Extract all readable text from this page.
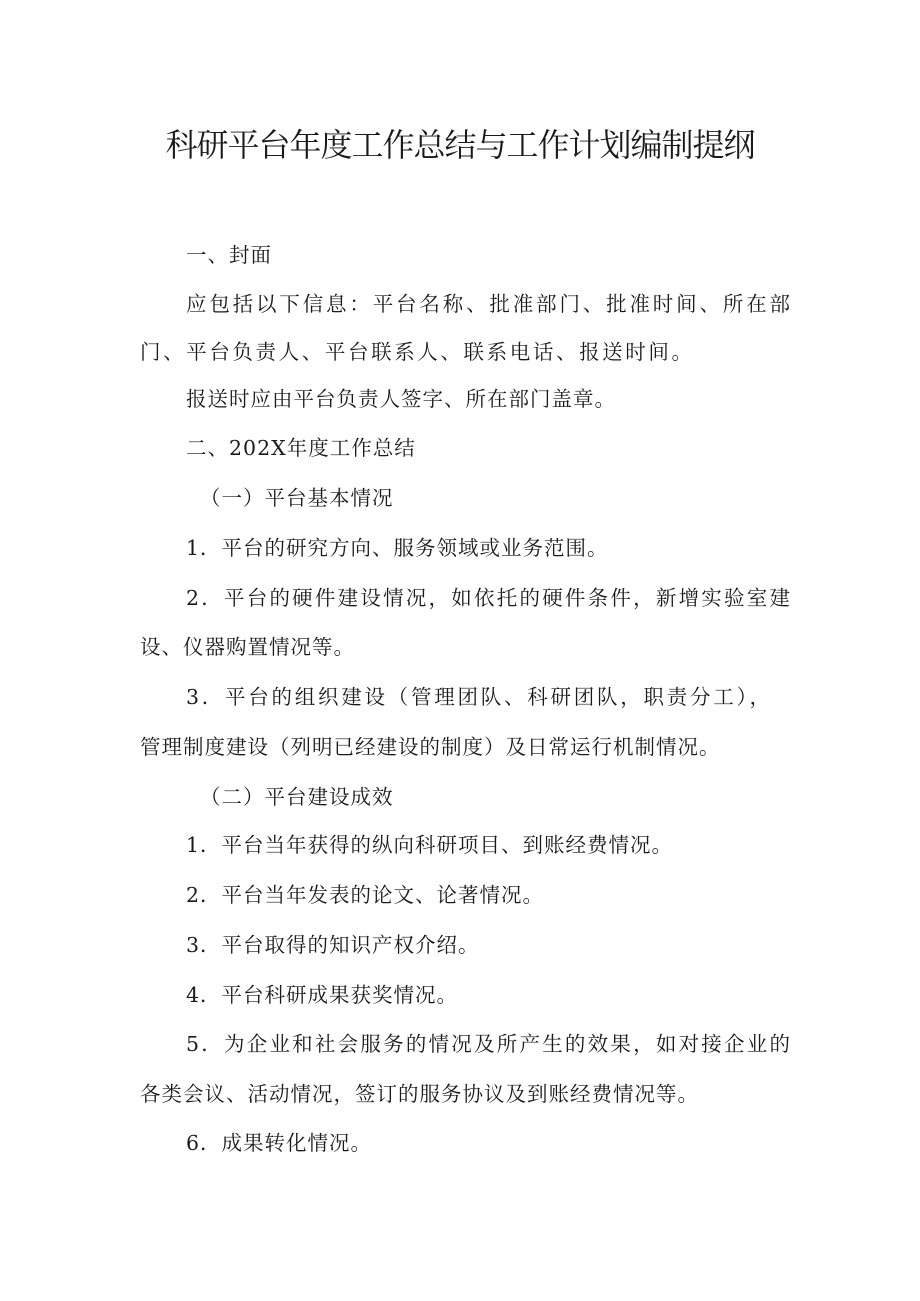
科研平台年度工作总结与工作计划编制提纲
一、封面
应包括以下信息：平台名称、批准部门、批准时间、所在部
门、平台负责人、平台联系人、联系电话、报送时间。
报送时应由平台负责人签字、所在部门盖章。
二、202X年度工作总结
（一）平台基本情况
1．平台的研究方向、服务领域或业务范围。
2．平台的硬件建设情况，如依托的硬件条件，新增实验室建
设、仪器购置情况等。
3．平台的组织建设（管理团队、科研团队，职责分工），
管理制度建设（列明已经建设的制度）及日常运行机制情况。
（二）平台建设成效
1．平台当年获得的纵向科研项目、到账经费情况。
2．平台当年发表的论文、论著情况。
3．平台取得的知识产权介绍。
4．平台科研成果获奖情况。
5．为企业和社会服务的情况及所产生的效果，如对接企业的
各类会议、活动情况，签订的服务协议及到账经费情况等。
6．成果转化情况。
